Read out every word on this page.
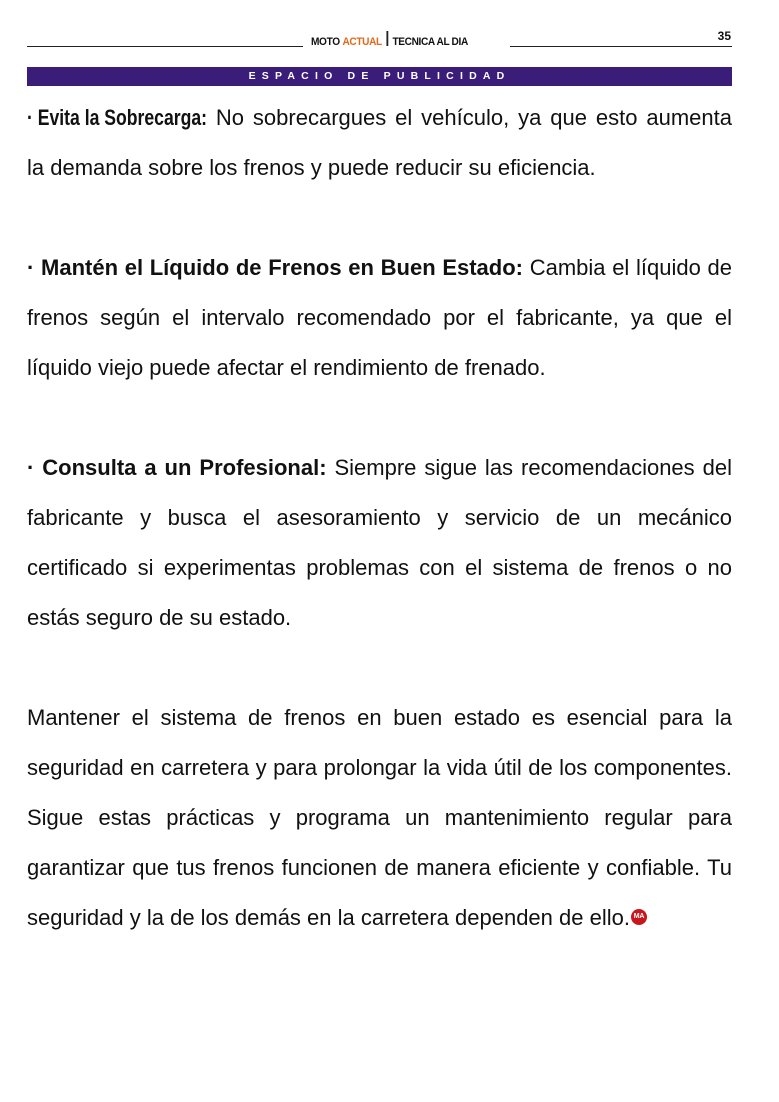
MOTO ACTUAL TECNICA AL DIA	35
ESPACIO DE PUBLICIDAD

· Evita la Sobrecarga: No sobrecargues el vehículo, ya que esto aumenta la demanda sobre los frenos y puede reducir su eficiencia.

· Mantén el Líquido de Frenos en Buen Estado: Cambia el líquido de frenos según el intervalo recomendado por el fabricante, ya que el líquido viejo puede afectar el rendimiento de frenado.

· Consulta a un Profesional: Siempre sigue las recomendaciones del fabricante y busca el asesoramiento y servicio de un mecánico certificado si experimentas problemas con el sistema de frenos o no estás seguro de su estado.

Mantener el sistema de frenos en buen estado es esencial para la seguridad en carretera y para prolongar la vida útil de los componentes. Sigue estas prácticas y programa un mantenimiento regular para garantizar que tus frenos funcionen de manera eficiente y confiable. Tu seguridad y la de los demás en la carretera dependen de ello. MA
